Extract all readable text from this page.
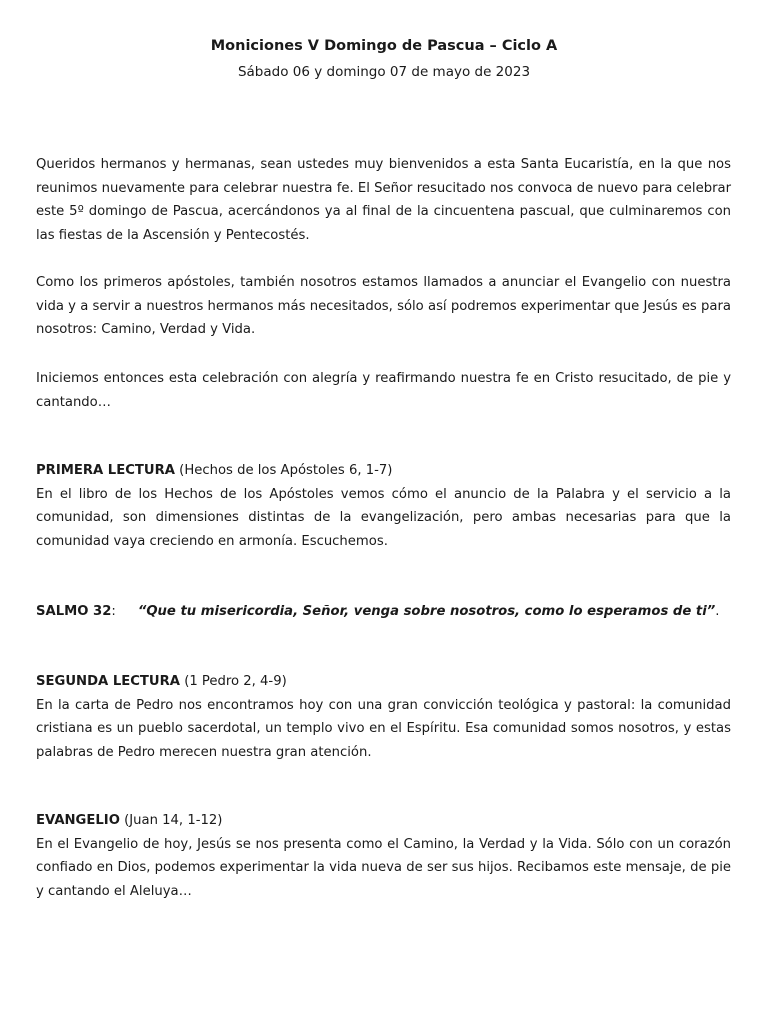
Moniciones V Domingo de Pascua – Ciclo A
Sábado 06 y domingo 07 de mayo de 2023

Queridos hermanos y hermanas, sean ustedes muy bienvenidos a esta Santa Eucaristía, en la que nos reunimos nuevamente para celebrar nuestra fe. El Señor resucitado nos convoca de nuevo para celebrar este 5º domingo de Pascua, acercándonos ya al final de la cincuentena pascual, que culminaremos con las fiestas de la Ascensión y Pentecostés.

Como los primeros apóstoles, también nosotros estamos llamados a anunciar el Evangelio con nuestra vida y a servir a nuestros hermanos más necesitados, sólo así podremos experimentar que Jesús es para nosotros: Camino, Verdad y Vida.

Iniciemos entonces esta celebración con alegría y reafirmando nuestra fe en Cristo resucitado, de pie y cantando…

PRIMERA LECTURA (Hechos de los Apóstoles 6, 1-7)
En el libro de los Hechos de los Apóstoles vemos cómo el anuncio de la Palabra y el servicio a la comunidad, son dimensiones distintas de la evangelización, pero ambas necesarias para que la comunidad vaya creciendo en armonía. Escuchemos.
SALMO 32: “Que tu misericordia, Señor, venga sobre nosotros, como lo esperamos de ti”.
SEGUNDA LECTURA (1 Pedro 2, 4-9)
En la carta de Pedro nos encontramos hoy con una gran convicción teológica y pastoral: la comunidad cristiana es un pueblo sacerdotal, un templo vivo en el Espíritu. Esa comunidad somos nosotros, y estas palabras de Pedro merecen nuestra gran atención.
EVANGELIO (Juan 14, 1-12)
En el Evangelio de hoy, Jesús se nos presenta como el Camino, la Verdad y la Vida. Sólo con un corazón confiado en Dios, podemos experimentar la vida nueva de ser sus hijos. Recibamos este mensaje, de pie y cantando el Aleluya…
